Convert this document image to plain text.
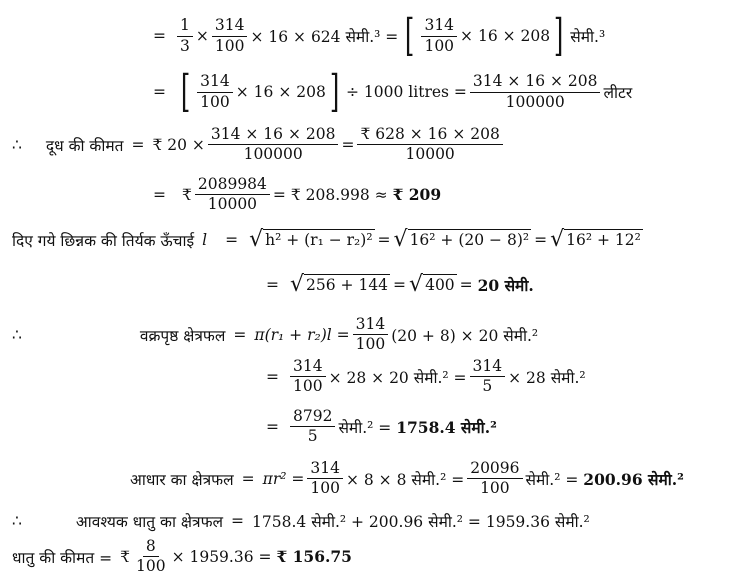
= $\frac{1}{3} \times \frac{314}{100} \times 16 \times 624$ सेमी.³ = [ $\frac{314}{100} \times 16 \times 208$ ] सेमी.³
= [ $\frac{314}{100} \times 16 \times 208$ ] ÷ 1000 litres = $\frac{314 \times 16 \times 208}{100000}$ लीटर
∴ दूध की कीमत = ₹ $20 \times \frac{314 \times 16 \times 208}{100000} = \frac{₹ 628 \times 16 \times 208}{10000}$
= ₹ $\frac{2089984}{10000}$ = ₹ 208.998 ≈
₹ 209
दिए गये छिन्नक की तिर्यक ऊँचाई l = √ h² + (r₁ − r₂)² = √ 16² + (20 − 8)² = √ 16² + 12²
= √ 256 + 144 = √ 400 =
20 सेमी.
∴	वक्रपृष्ठ क्षेत्रफल = $\pi(r_1 + r_2)l = \frac{314}{100} (20 + 8) \times 20$ सेमी.²
= $\frac{314}{100} \times 28 \times 20$ सेमी.² = $\frac{314}{5} \times 28$ सेमी.²
= $\frac{8792}{5}$ सेमी.² =
1758.4 सेमी.²
आधार का क्षेत्रफल = $\pi r^2 = \frac{314}{100} \times 8 \times 8$ सेमी.² = $\frac{20096}{100}$ सेमी.² =
200.96 सेमी.²
∴	आवश्यक धातु का क्षेत्रफल = 1758.4 सेमी.² + 200.96 सेमी.² = 1959.36 सेमी.²
धातु की कीमत = ₹ $\frac{8}{100} \times 1959.36$ =
₹ 156.75
